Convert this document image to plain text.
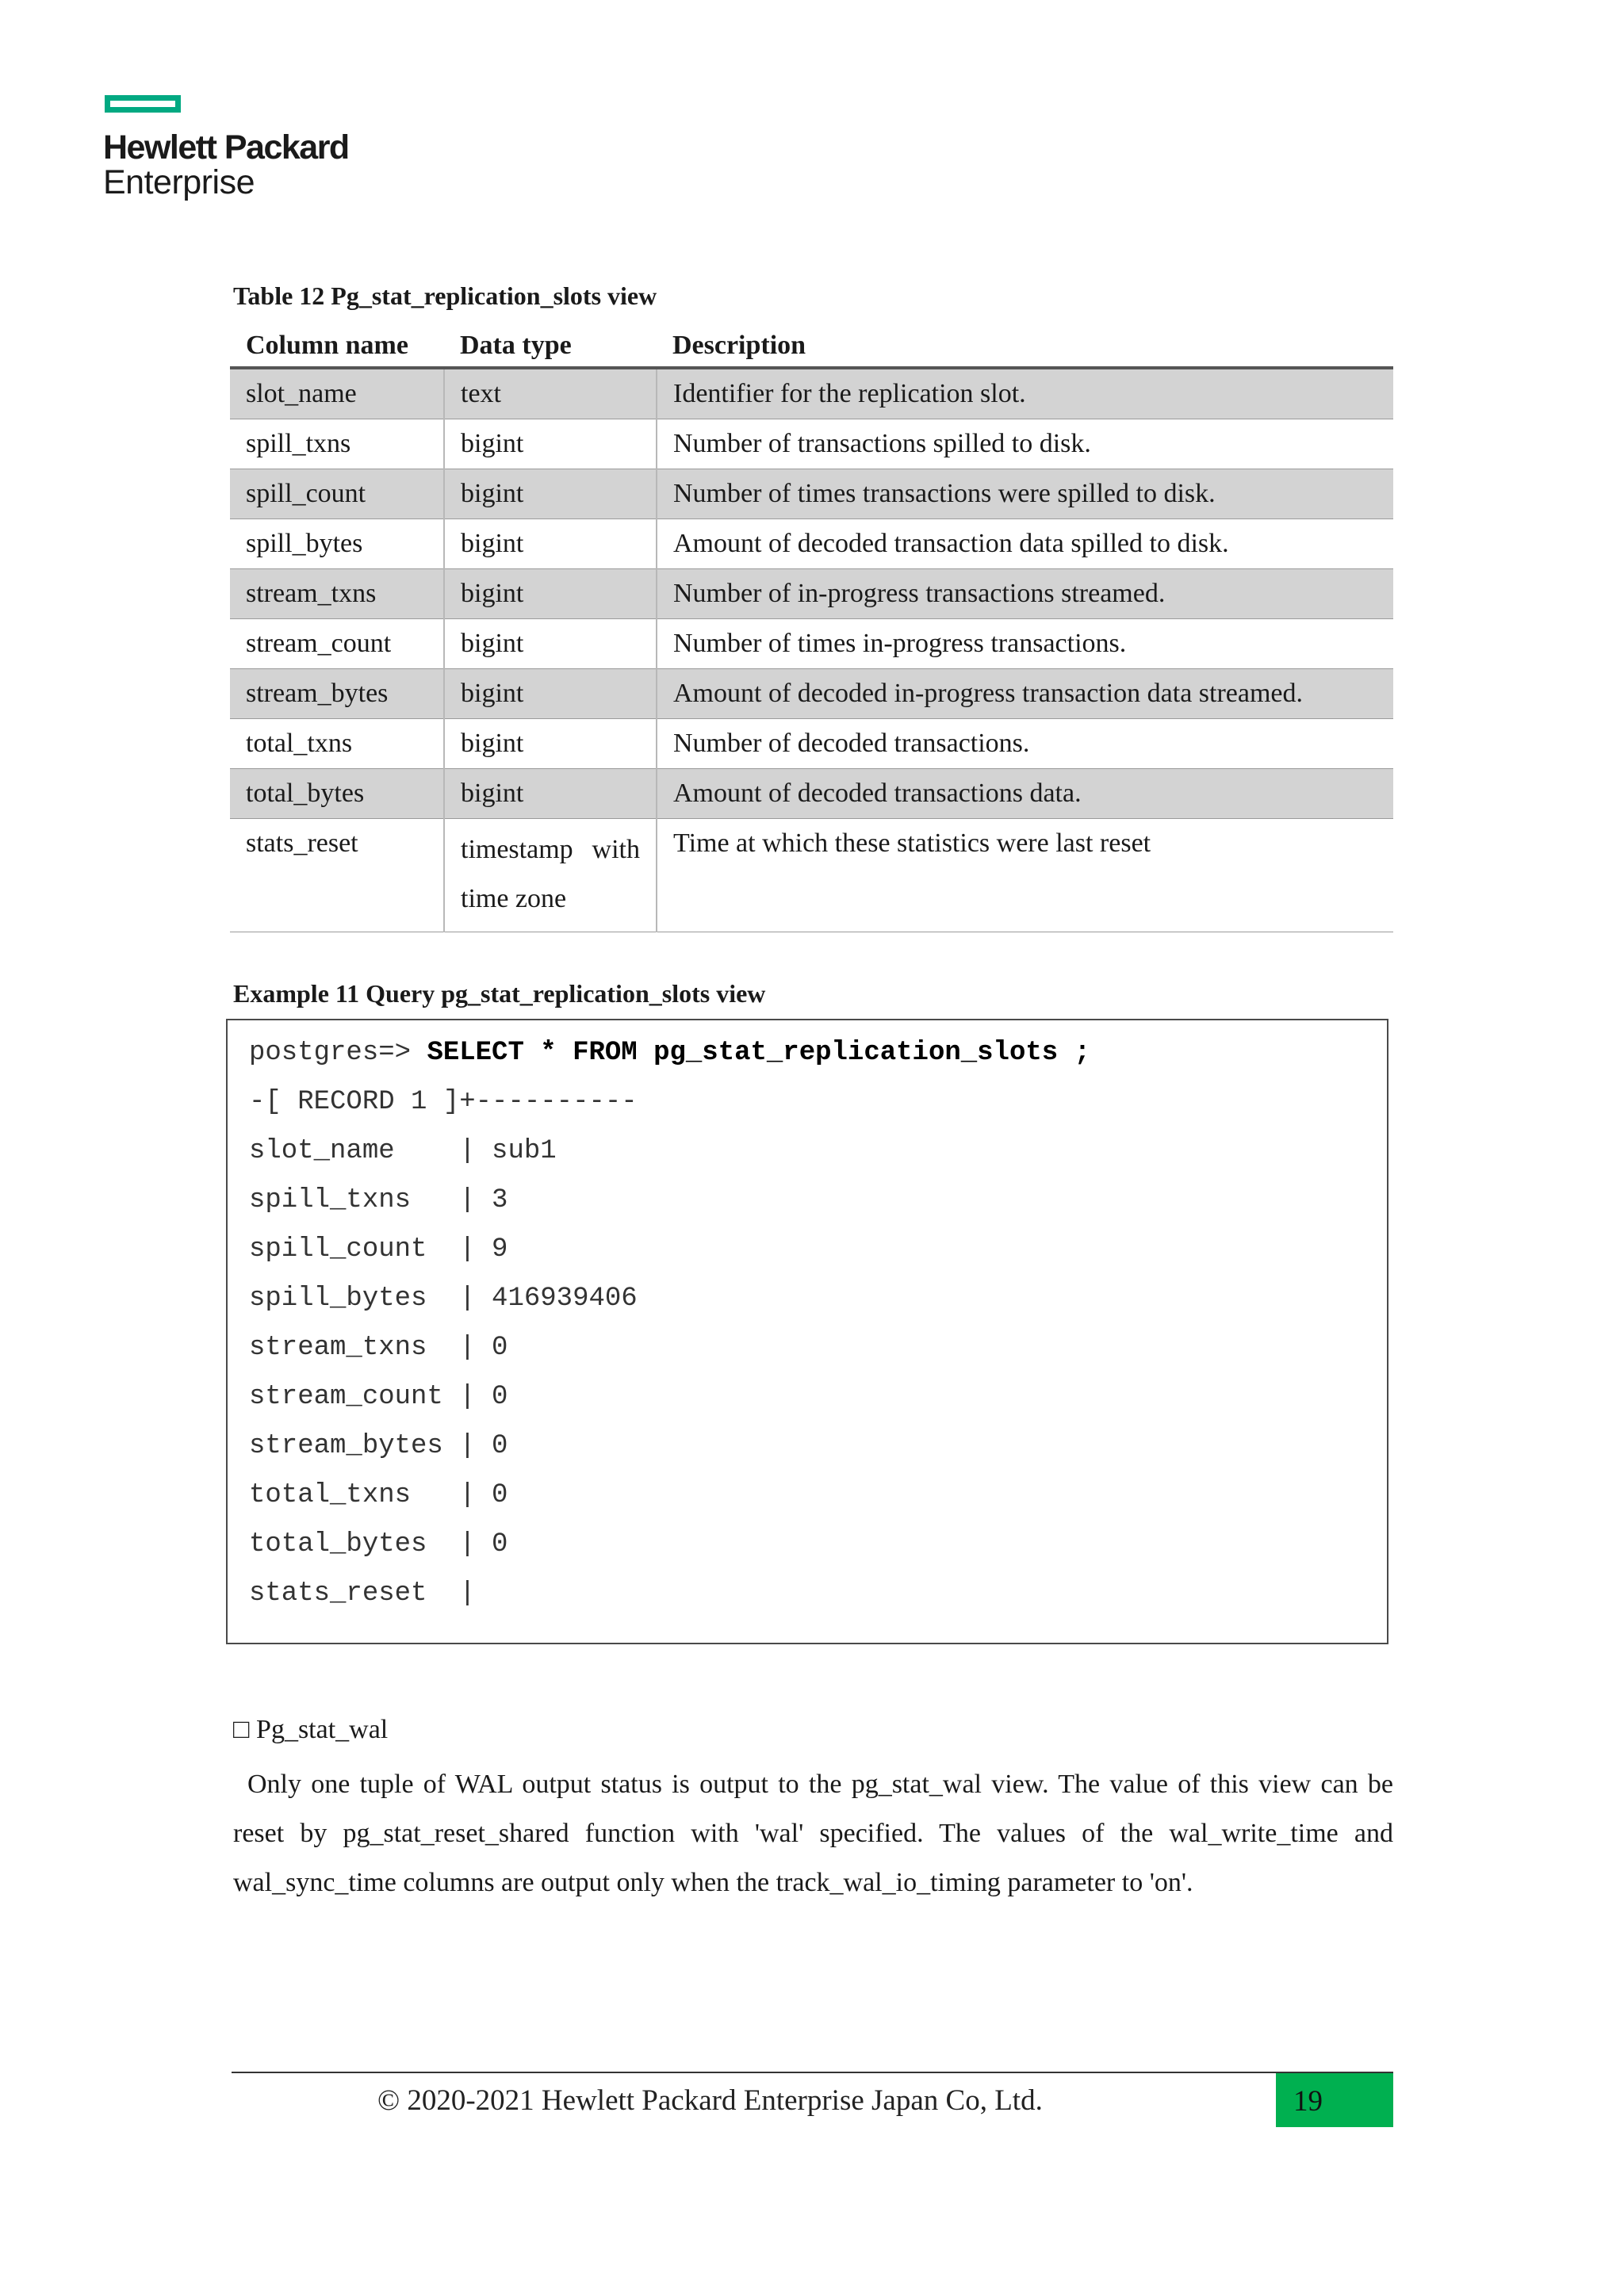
Hewlett Packard
Enterprise
Table 12 Pg_stat_replication_slots view
Column name	Data type	Description
slot_name	text	Identifier for the replication slot.
spill_txns	bigint	Number of transactions spilled to disk.
spill_count	bigint	Number of times transactions were spilled to disk.
spill_bytes	bigint	Amount of decoded transaction data spilled to disk.
stream_txns	bigint	Number of in-progress transactions streamed.
stream_count	bigint	Number of times in-progress transactions.
stream_bytes	bigint	Amount of decoded in-progress transaction data streamed.
total_txns	bigint	Number of decoded transactions.
total_bytes	bigint	Amount of decoded transactions data.
stats_reset	timestamp with time zone	Time at which these statistics were last reset
Example 11 Query pg_stat_replication_slots view
postgres=> SELECT * FROM pg_stat_replication_slots ;
-[ RECORD 1 ]+----------
slot_name    | sub1
spill_txns   | 3
spill_count  | 9
spill_bytes  | 416939406
stream_txns  | 0
stream_count | 0
stream_bytes | 0
total_txns   | 0
total_bytes  | 0
stats_reset  |
□ Pg_stat_wal

Only one tuple of WAL output status is output to the pg_stat_wal view. The value of this view can be reset by pg_stat_reset_shared function with 'wal' specified. The values of the wal_write_time and wal_sync_time columns are output only when the track_wal_io_timing parameter to 'on'.

© 2020-2021 Hewlett Packard Enterprise Japan Co, Ltd.	19
